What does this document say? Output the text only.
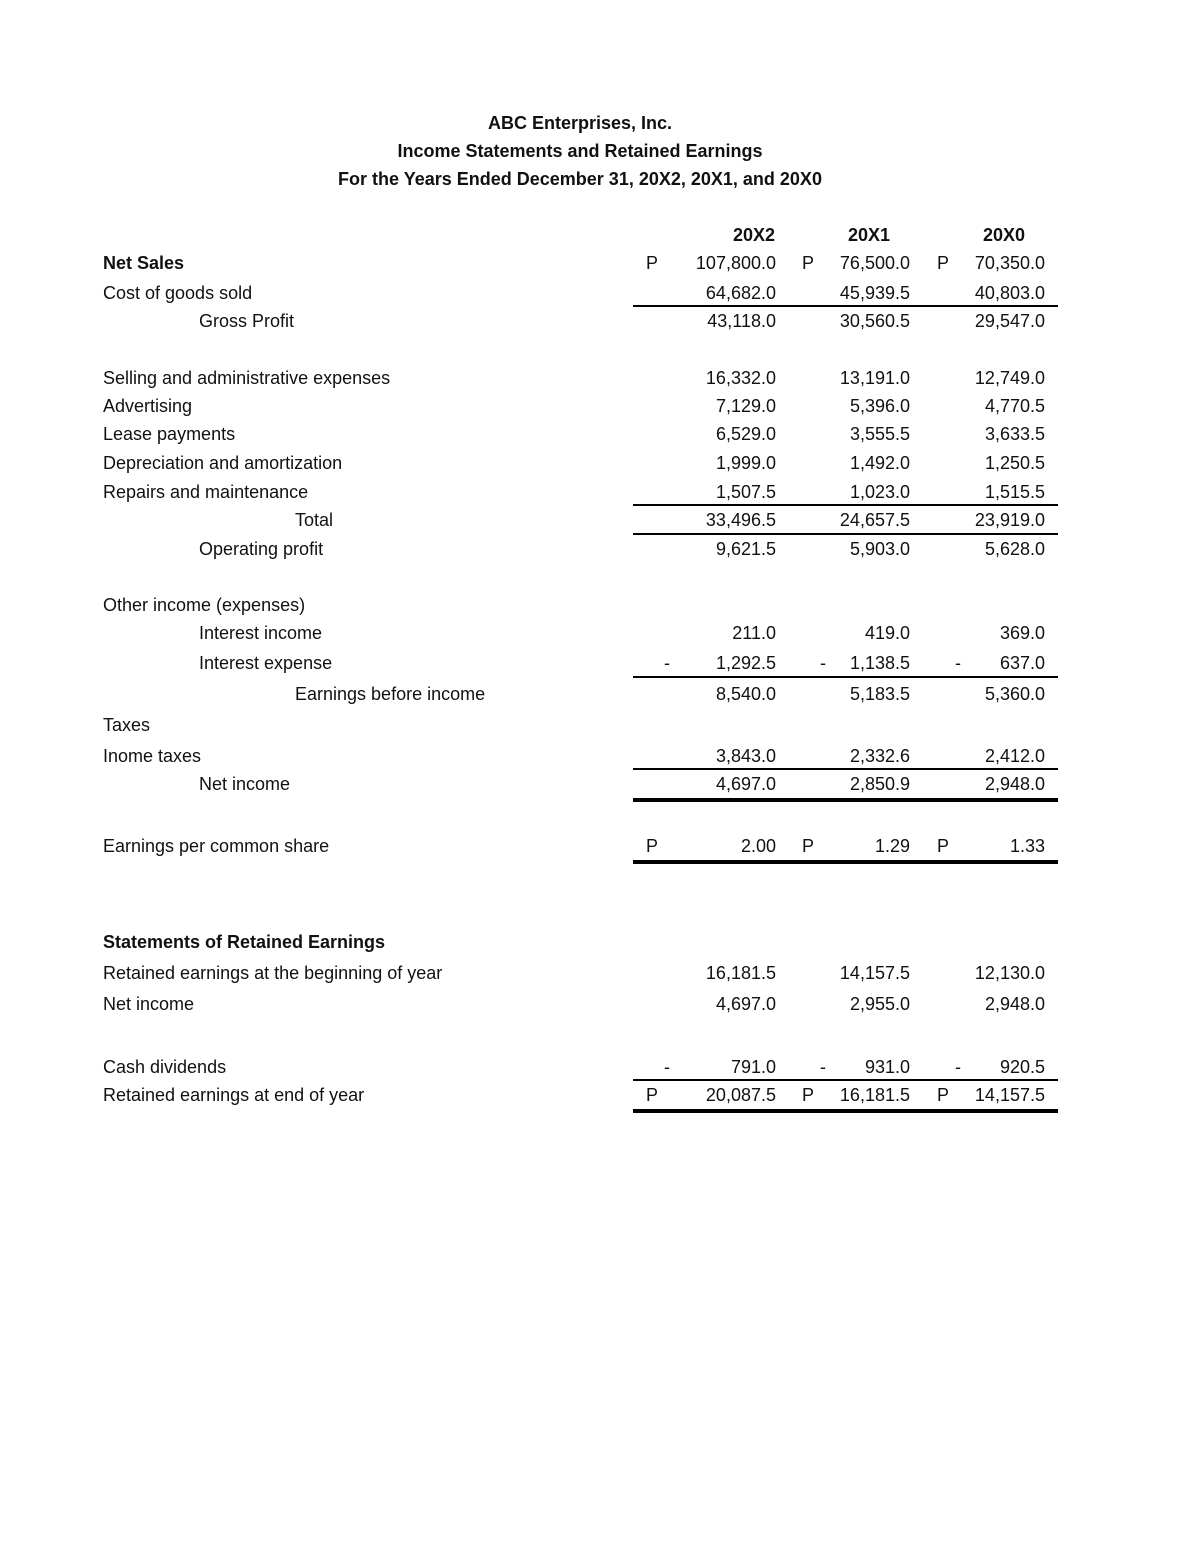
ABC Enterprises, Inc.
Income Statements and Retained Earnings
For the Years Ended December 31, 20X2, 20X1, and 20X0
20X2	20X1	20X0
Net Sales	P	107,800.0 P	76,500.0 P	70,350.0
Cost of goods sold	64,682.0	45,939.5	40,803.0
Gross Profit	43,118.0	30,560.5	29,547.0
Selling and administrative expenses	16,332.0	13,191.0	12,749.0
Advertising	7,129.0	5,396.0	4,770.5
Lease payments	6,529.0	3,555.5	3,633.5
Depreciation and amortization	1,999.0	1,492.0	1,250.5
Repairs and maintenance	1,507.5	1,023.0	1,515.5
Total	33,496.5	24,657.5	23,919.0
Operating profit	9,621.5	5,903.0	5,628.0
Other income (expenses)
Interest income	211.0	419.0	369.0
Interest expense	-	1,292.5 -	1,138.5	-	637.0
Earnings before income	8,540.0	5,183.5	5,360.0
Taxes
Inome taxes	3,843.0	2,332.6	2,412.0
Net income	4,697.0	2,850.9	2,948.0
Earnings per common share	P	2.00 P	1.29 P	1.33
Statements of Retained Earnings
Retained earnings at the beginning of year	16,181.5	14,157.5	12,130.0
Net income	4,697.0	2,955.0	2,948.0
Cash dividends	-	791.0 -	931.0	-	920.5
Retained earnings at end of year	P	20,087.5 P	16,181.5 P	14,157.5
